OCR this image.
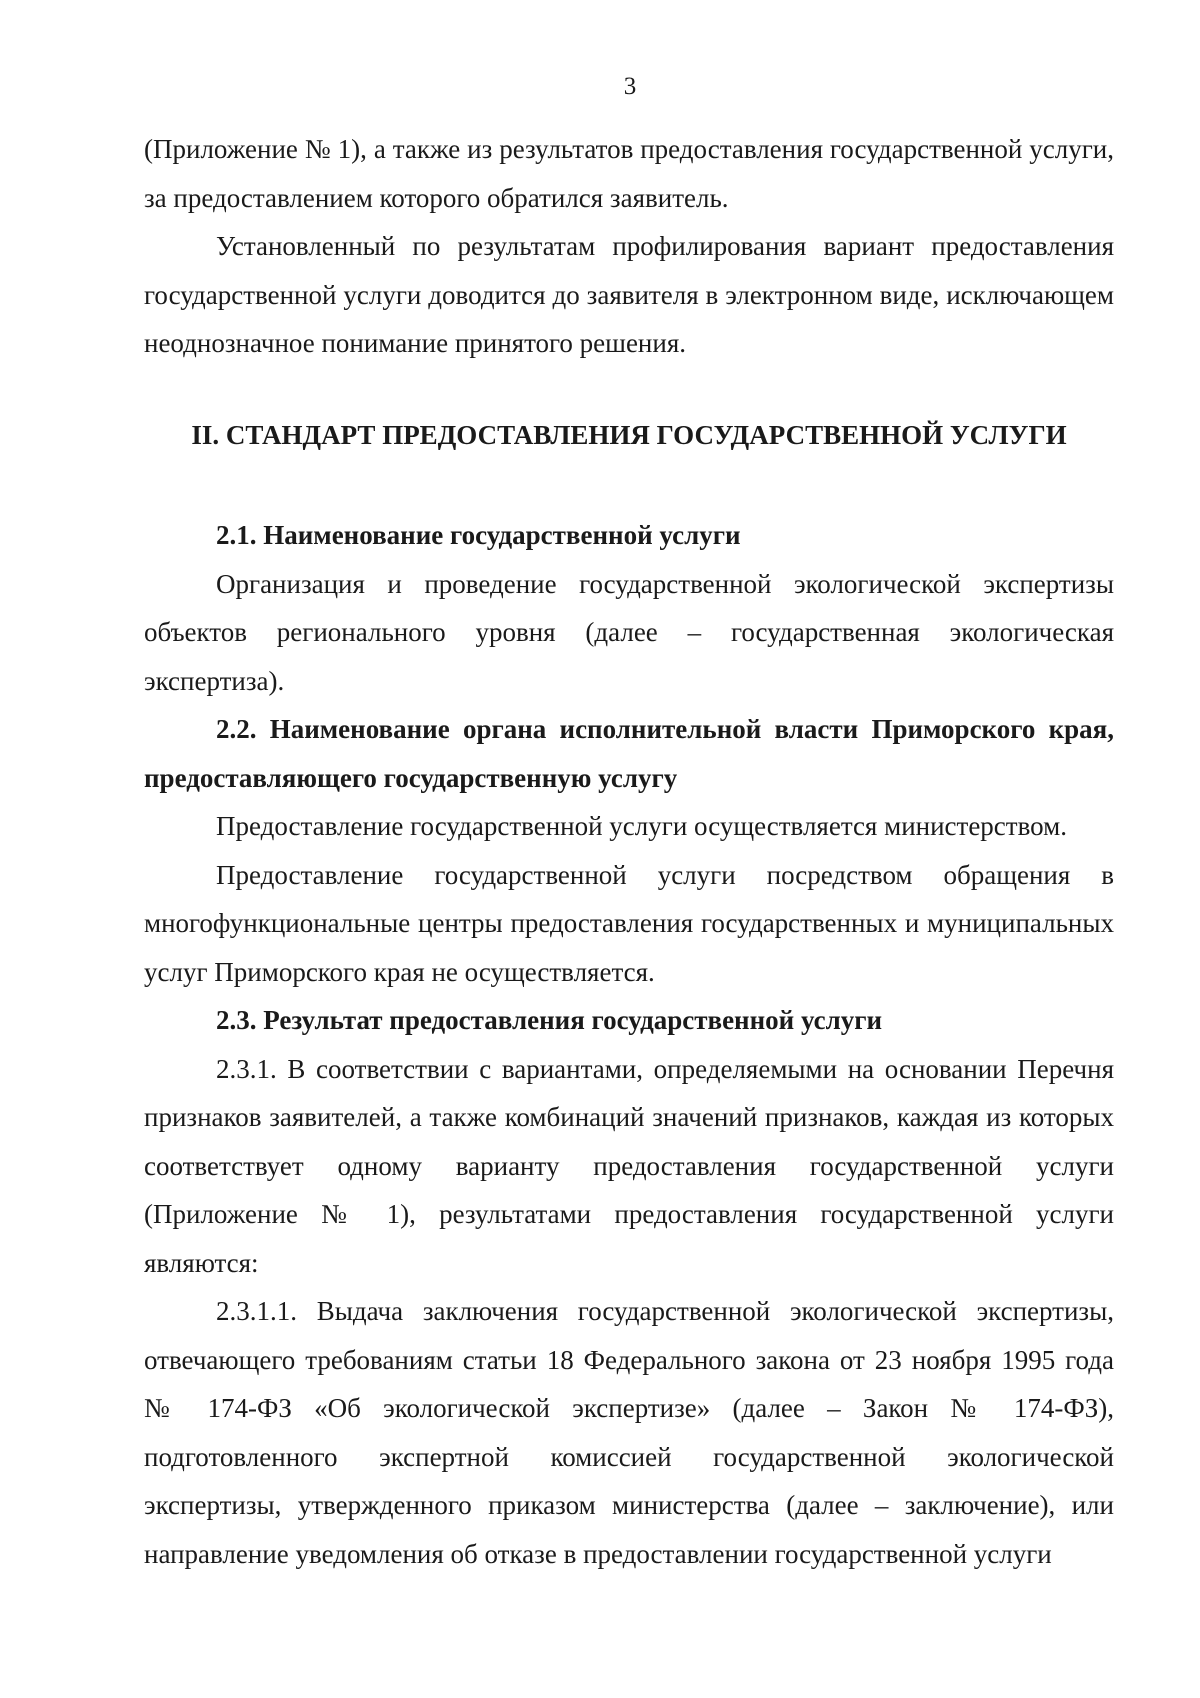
3

(Приложение № 1), а также из результатов предоставления государственной услуги, за предоставлением которого обратился заявитель.

Установленный по результатам профилирования вариант предоставления государственной услуги доводится до заявителя в электронном виде, исключающем неоднозначное понимание принятого решения.

II. СТАНДАРТ ПРЕДОСТАВЛЕНИЯ ГОСУДАРСТВЕННОЙ УСЛУГИ

2.1. Наименование государственной услуги

Организация и проведение государственной экологической экспертизы объектов регионального уровня (далее – государственная экологическая экспертиза).

2.2. Наименование органа исполнительной власти Приморского края, предоставляющего государственную услугу

Предоставление государственной услуги осуществляется министерством.

Предоставление государственной услуги посредством обращения в многофункциональные центры предоставления государственных и муниципальных услуг Приморского края не осуществляется.

2.3. Результат предоставления государственной услуги

2.3.1. В соответствии с вариантами, определяемыми на основании Перечня признаков заявителей, а также комбинаций значений признаков, каждая из которых соответствует одному варианту предоставления государственной услуги (Приложение № 1), результатами предоставления государственной услуги являются:

2.3.1.1. Выдача заключения государственной экологической экспертизы, отвечающего требованиям статьи 18 Федерального закона от 23 ноября 1995 года № 174-ФЗ «Об экологической экспертизе» (далее – Закон № 174-ФЗ), подготовленного экспертной комиссией государственной экологической экспертизы, утвержденного приказом министерства (далее – заключение), или направление уведомления об отказе в предоставлении государственной услуги
